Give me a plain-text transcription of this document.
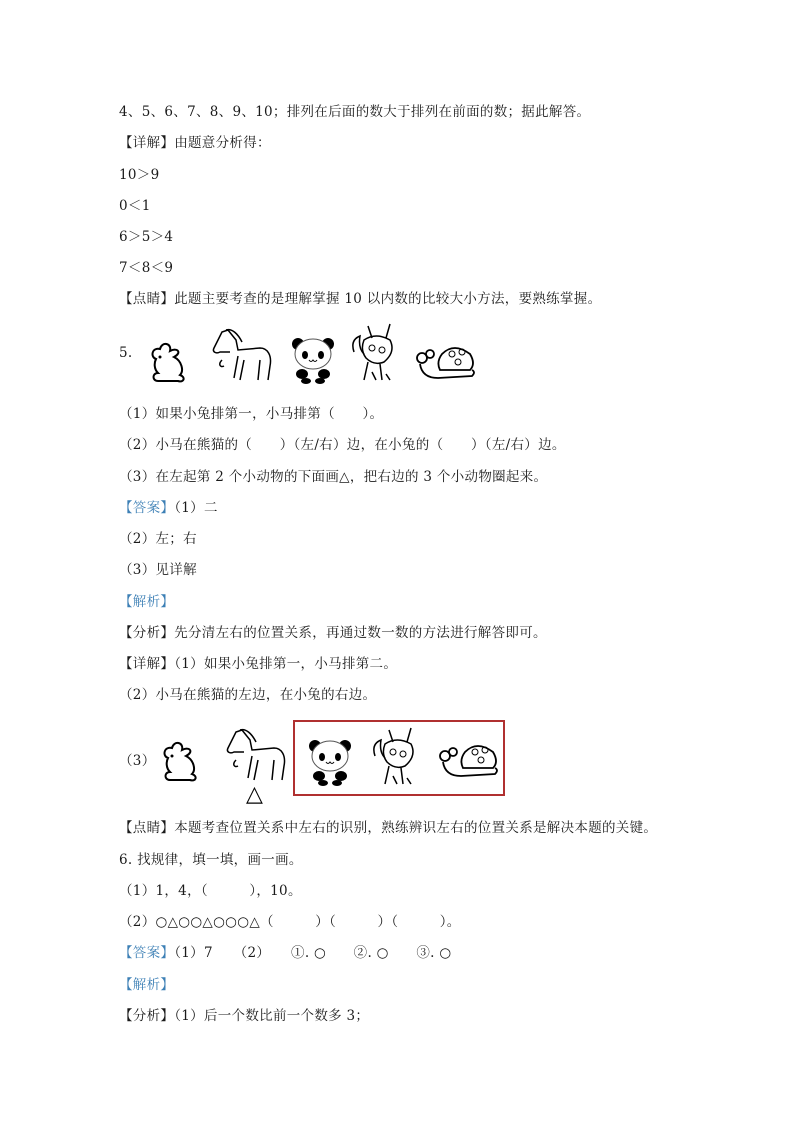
4、5、6、7、8、9、10；排列在后面的数大于排列在前面的数；据此解答。
【详解】由题意分析得：
10＞9
0＜1
6＞5＞4
7＜8＜9
【点睛】此题主要考查的是理解掌握 10 以内数的比较大小方法，要熟练掌握。
5.
（1）如果小兔排第一，小马排第（　　）。
（2）小马在熊猫的（　　）（左/右）边，在小兔的（　　）（左/右）边。
（3）在左起第 2 个小动物的下面画△，把右边的 3 个小动物圈起来。
【答案】（1）二
（2）左；右
（3）见详解
【解析】
【分析】先分清左右的位置关系，再通过数一数的方法进行解答即可。
【详解】（1）如果小兔排第一，小马排第二。
（2）小马在熊猫的左边，在小兔的右边。
（3）
△
【点睛】本题考查位置关系中左右的识别，熟练辨识左右的位置关系是解决本题的关键。
6. 找规律，填一填，画一画。
（1）1，4，（　　　），10。
（2）○△○○△○○○△（　　　）（　　　）（　　　）。
【答案】（1）7　　（2）　　①. ○　　②. ○　　③. ○
【解析】
【分析】（1）后一个数比前一个数多 3；
